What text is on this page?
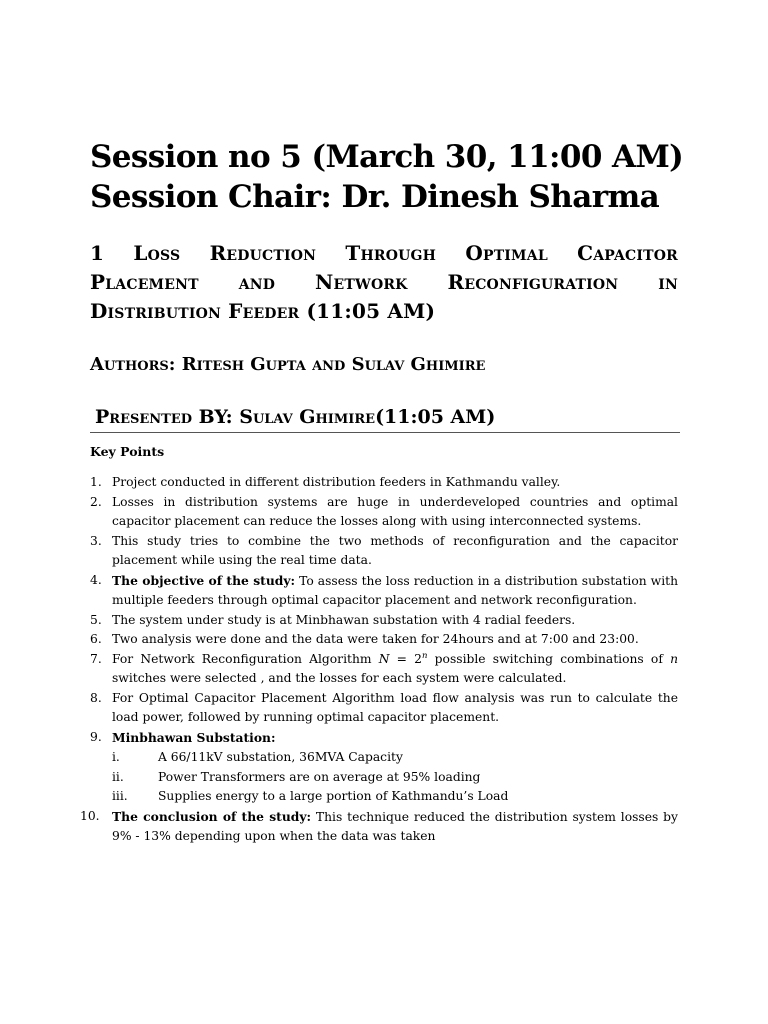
Session no 5 (March 30, 11:00 AM)
Session Chair: Dr. Dinesh Sharma
1 Loss Reduction Through Optimal Capacitor Placement and Network Reconfiguration in Distribution Feeder (11:05 AM)
Authors: Ritesh Gupta and Sulav Ghimire
Presented BY: Sulav Ghimire(11:05 AM)
Key Points
1. Project conducted in different distribution feeders in Kathmandu valley.
2. Losses in distribution systems are huge in underdeveloped countries and optimal capacitor placement can reduce the losses along with using interconnected systems.
3. This study tries to combine the two methods of reconfiguration and the capacitor placement while using the real time data.
4. The objective of the study: To assess the loss reduction in a distribution substation with multiple feeders through optimal capacitor placement and network reconfiguration.
5. The system under study is at Minbhawan substation with 4 radial feeders.
6. Two analysis were done and the data were taken for 24hours and at 7:00 and 23:00.
7. For Network Reconfiguration Algorithm $N = 2^n$ possible switching combinations of n switches were selected , and the losses for each system were calculated.
8. For Optimal Capacitor Placement Algorithm load flow analysis was run to calculate the load power, followed by running optimal capacitor placement.
9. Minbhawan Substation:
i.	A 66/11kV substation, 36MVA Capacity
ii.	Power Transformers are on average at 95% loading
iii. Supplies energy to a large portion of Kathmandu’s Load
10.	The conclusion of the study: This technique reduced the distribution system losses by 9% - 13% depending upon when the data was taken
